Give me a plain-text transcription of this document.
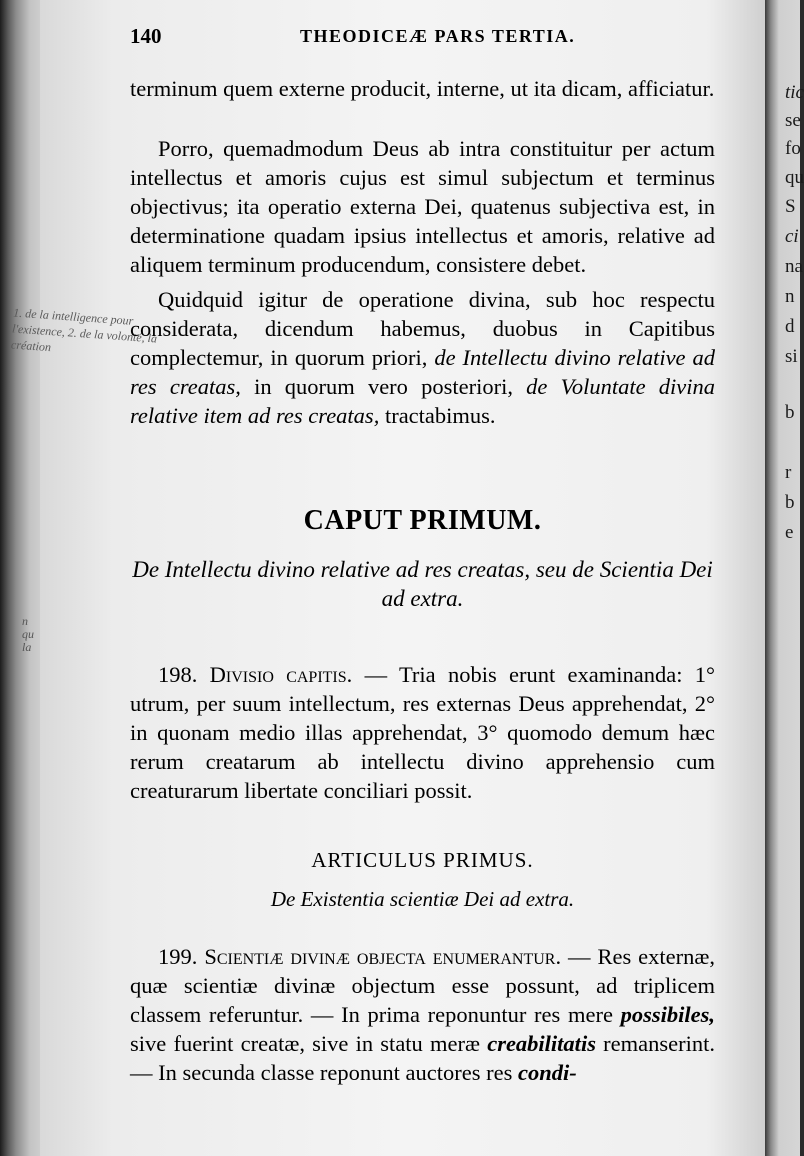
1. de la intelligence pour l'existence, 2. de la volonté, la création
n qu la
140	THEODICEÆ PARS TERTIA.
terminum quem externe producit, interne, ut ita dicam, afficiatur.
Porro, quemadmodum Deus ab intra constituitur per actum intellectus et amoris cujus est simul subjectum et terminus objectivus; ita operatio externa Dei, quatenus subjectiva est, in determinatione quadam ipsius intellectus et amoris, relative ad aliquem terminum producendum, consistere debet.
Quidquid igitur de operatione divina, sub hoc respectu considerata, dicendum habemus, duobus in Capitibus complectemur, in quorum priori, de Intellectu divino relative ad res creatas, in quorum vero posteriori, de Voluntate divina relative item ad res creatas, tractabimus.
CAPUT PRIMUM.
De Intellectu divino relative ad res creatas, seu de Scientia Dei ad extra.
198. Divisio capitis. — Tria nobis erunt examinanda: 1° utrum, per suum intellectum, res externas Deus apprehendat, 2° in quonam medio illas apprehendat, 3° quomodo demum hæc rerum creatarum ab intellectu divino apprehensio cum creaturarum libertate conciliari possit.
ARTICULUS PRIMUS.
De Existentia scientiæ Dei ad extra.
199. Scientiæ divinæ objecta enumerantur. — Res externæ, quæ scientiæ divinæ objectum esse possunt, ad triplicem classem referuntur. — In prima reponuntur res mere possibiles, sive fuerint creatæ, sive in statu meræ creabilitatis remanserint. — In secunda classe reponunt auctores res condi-
tic
se
fo
qu
S
ci
na
n
d
si
b
r
b
e
